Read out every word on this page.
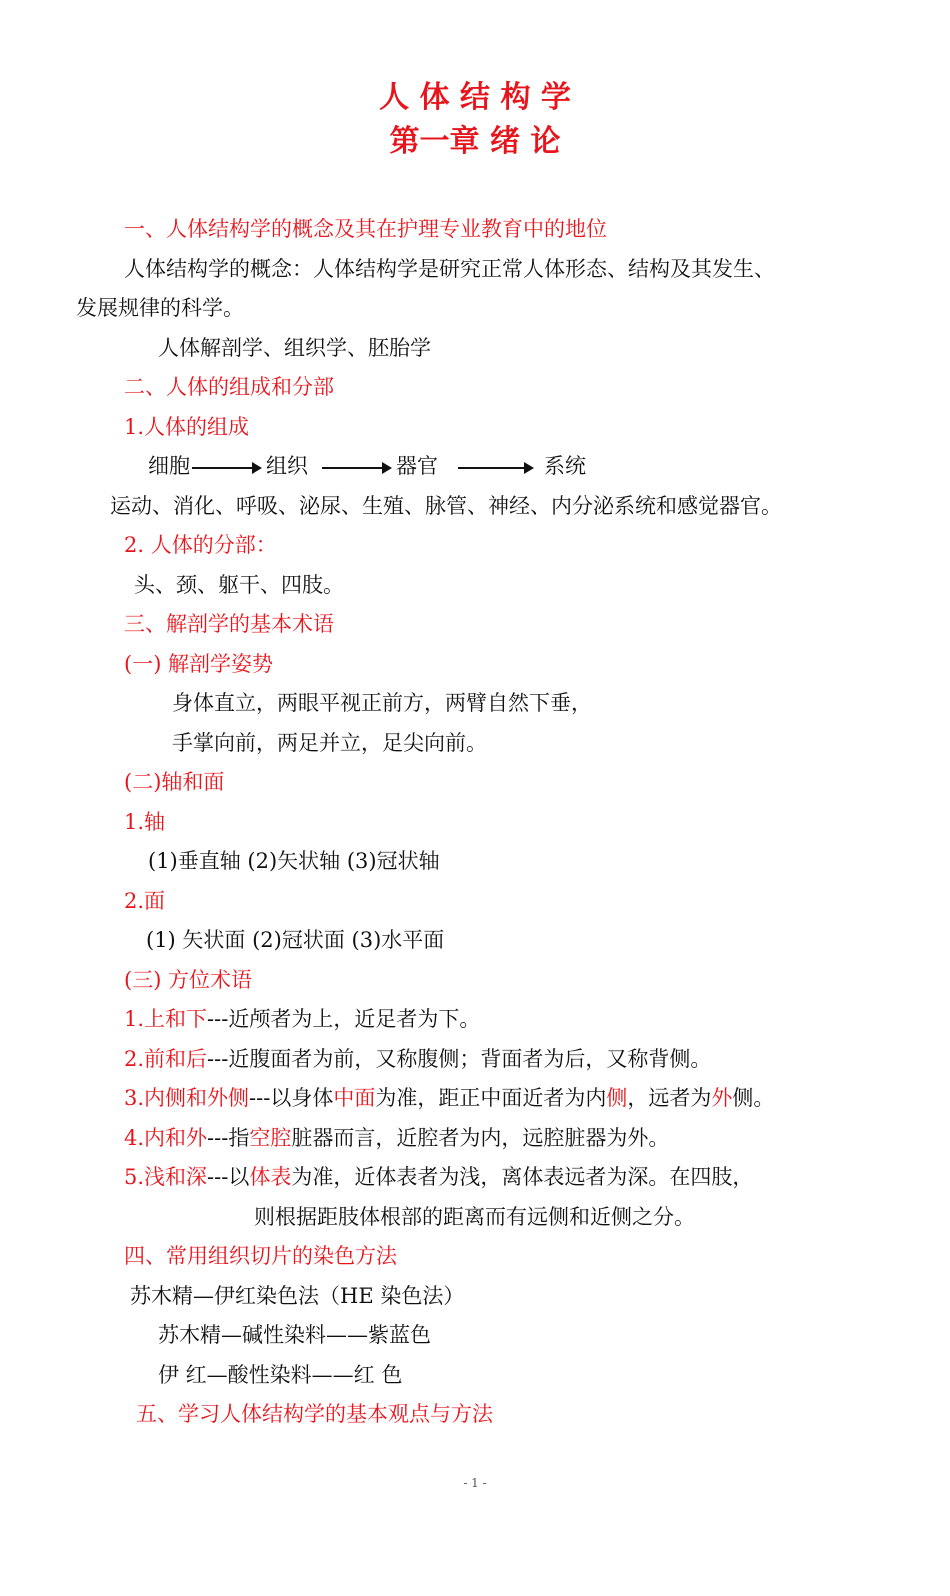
人 体 结 构 学
第一章 绪 论
一、人体结构学的概念及其在护理专业教育中的地位
人体结构学的概念：人体结构学是研究正常人体形态、结构及其发生、
发展规律的科学。
人体解剖学、组织学、胚胎学
二、人体的组成和分部
1.人体的组成
细胞	组织	器官	系统
运动、消化、呼吸、泌尿、生殖、脉管、神经、内分泌系统和感觉器官。
2. 人体的分部：
头、颈、躯干、四肢。
三、解剖学的基本术语
(一) 解剖学姿势
身体直立，两眼平视正前方，两臂自然下垂，
手掌向前，两足并立，足尖向前。
(二)轴和面
1.轴
(1)垂直轴 (2)矢状轴 (3)冠状轴
2.面
(1) 矢状面 (2)冠状面 (3)水平面
(三) 方位术语
1.上和下---近颅者为上，近足者为下。
2.前和后---近腹面者为前，又称腹侧；背面者为后，又称背侧。
3.内侧和外侧---以身体中面为准，距正中面近者为内侧，远者为外侧。
4.内和外---指空腔脏器而言，近腔者为内，远腔脏器为外。
5.浅和深---以体表为准，近体表者为浅，离体表远者为深。在四肢，
则根据距肢体根部的距离而有远侧和近侧之分。
四、常用组织切片的染色方法
苏木精—伊红染色法（HE 染色法）
苏木精—碱性染料——紫蓝色
伊 红—酸性染料——红 色
五、学习人体结构学的基本观点与方法
- 1 -
